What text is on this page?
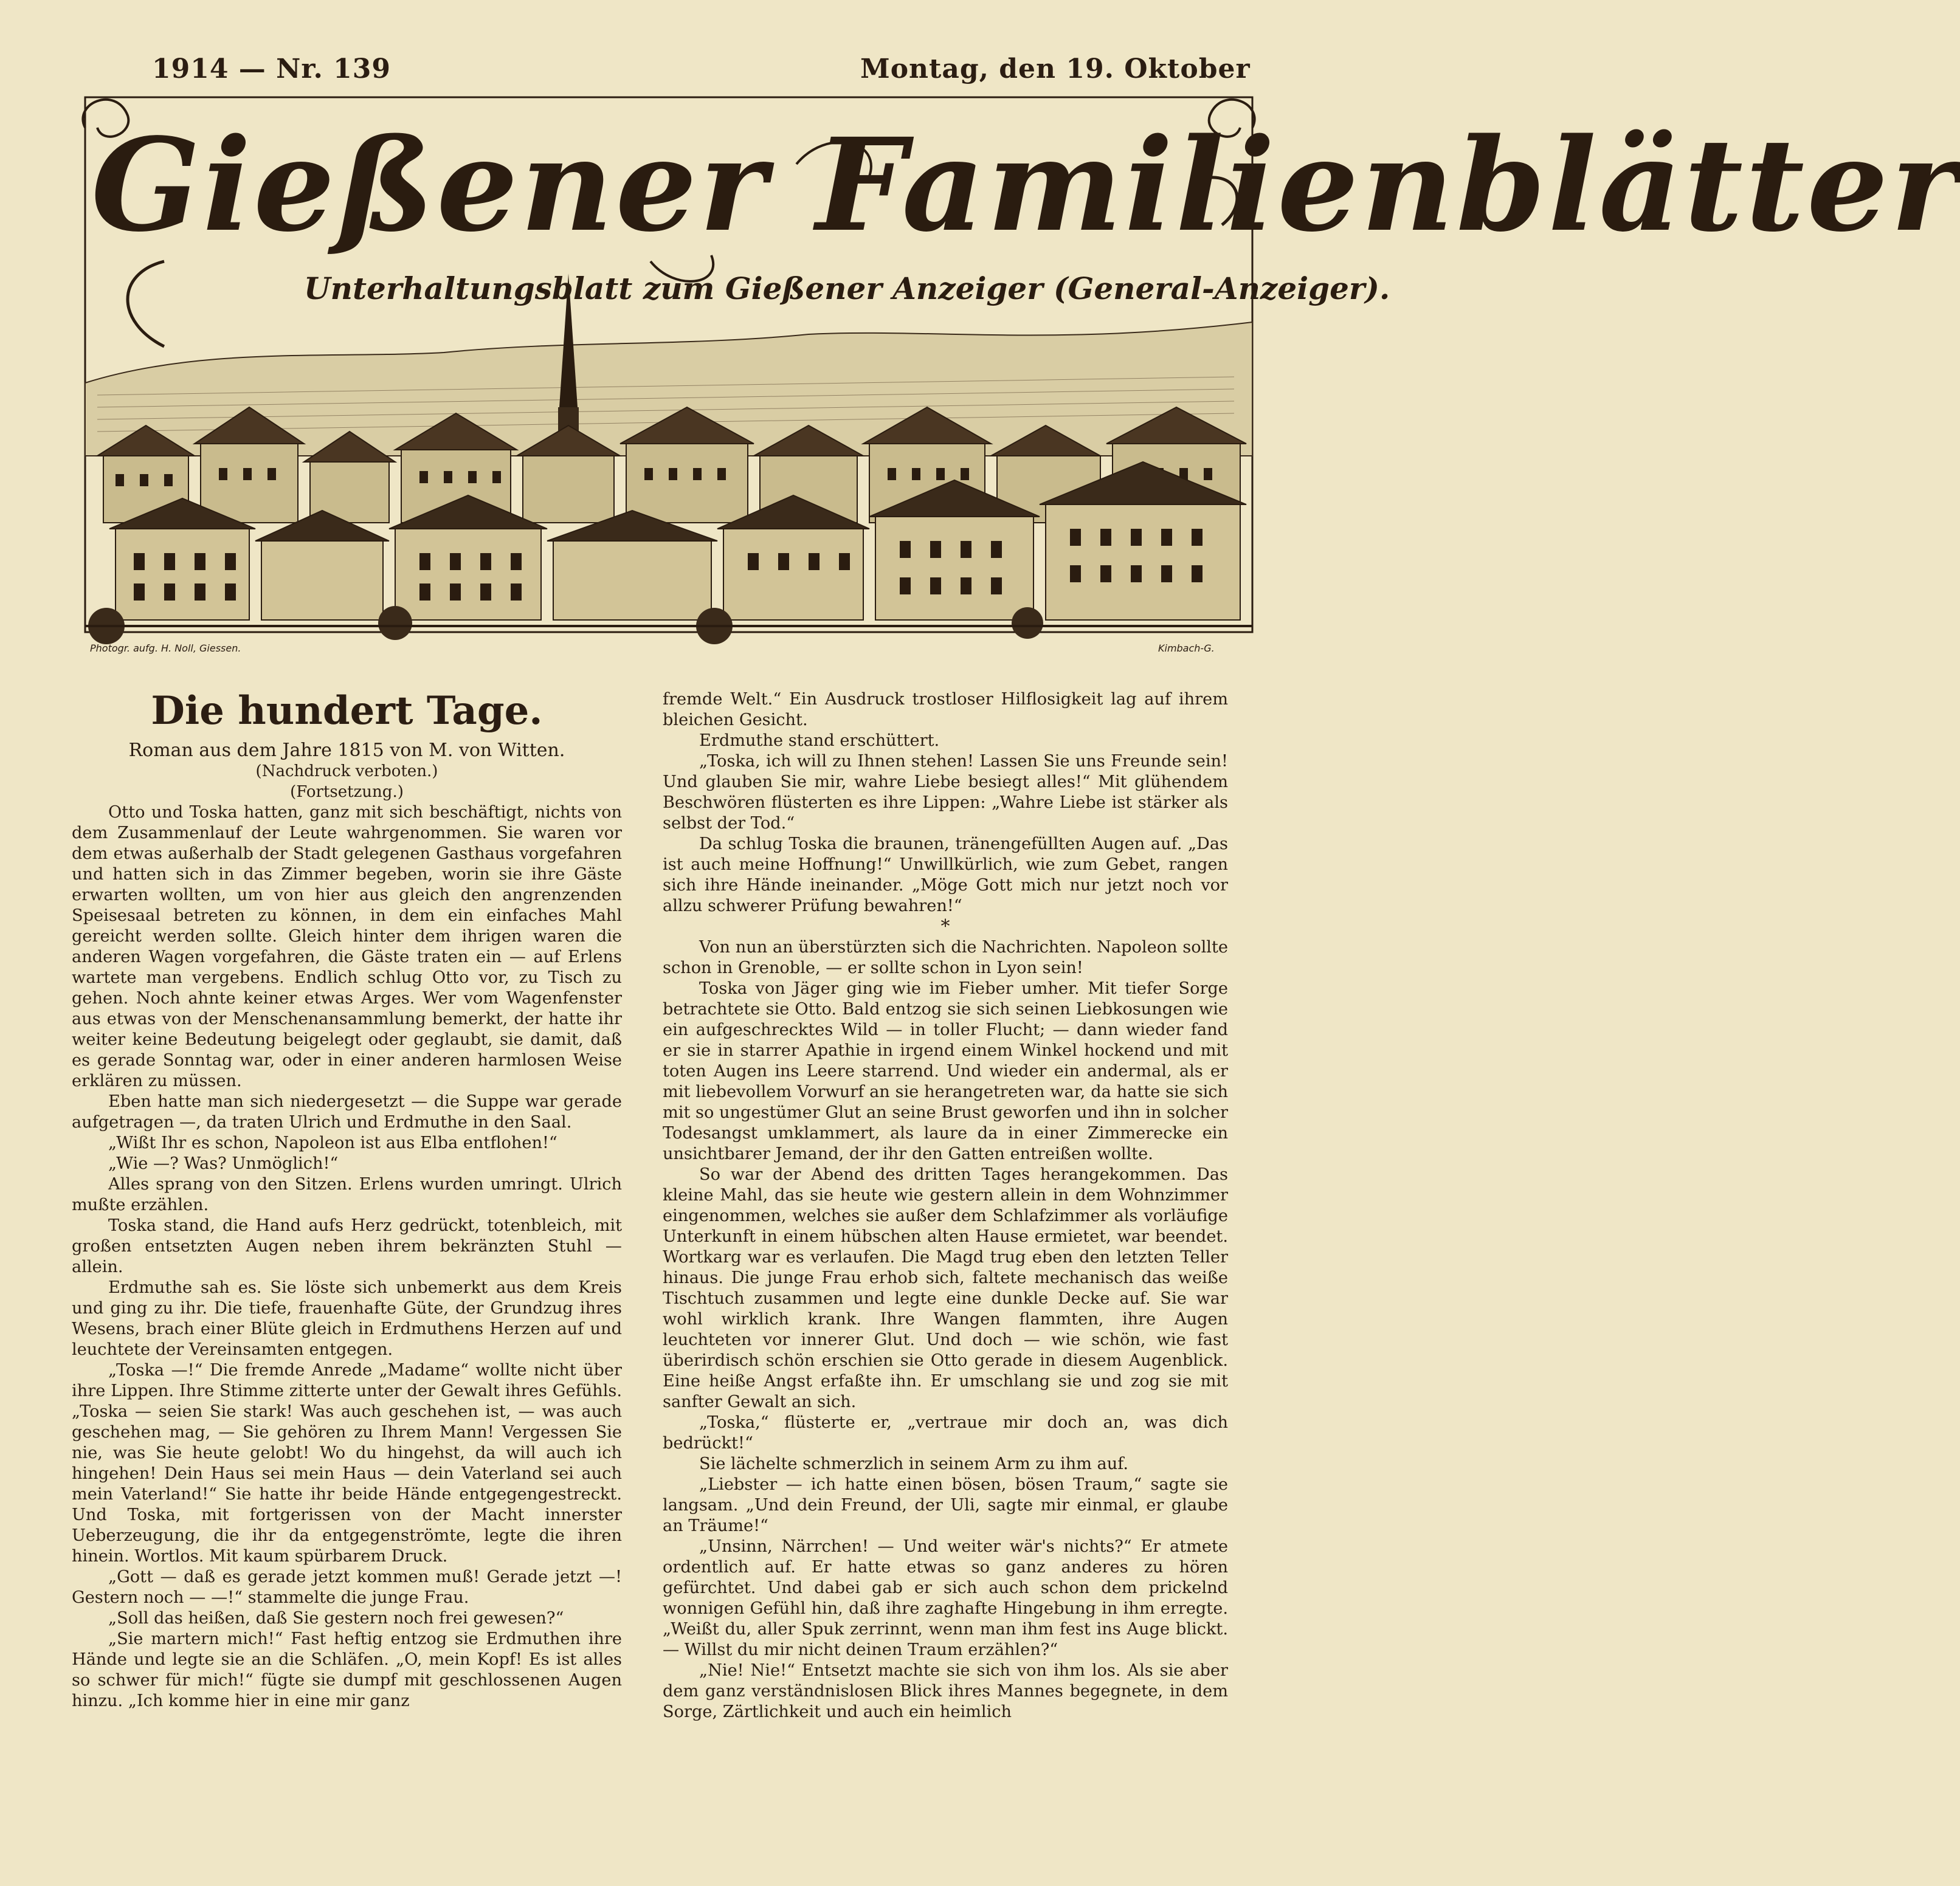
1914 — Nr. 139	Montag, den 19. Oktober
Gießener Familienblätter
Unterhaltungsblatt zum Gießener Anzeiger (General-Anzeiger).
Photogr. aufg. H. Noll, Giessen.	Kimbach-G.
Die hundert Tage.
Roman aus dem Jahre 1815 von M. von Witten.
(Nachdruck verboten.)
(Fortsetzung.)

Otto und Toska hatten, ganz mit sich beschäftigt, nichts von dem Zusammenlauf der Leute wahrgenommen. Sie waren vor dem etwas außerhalb der Stadt gelegenen Gasthaus vorgefahren und hatten sich in das Zimmer begeben, worin sie ihre Gäste erwarten wollten, um von hier aus gleich den angrenzenden Speisesaal betreten zu können, in dem ein einfaches Mahl gereicht werden sollte. Gleich hinter dem ihrigen waren die anderen Wagen vorgefahren, die Gäste traten ein — auf Erlens wartete man vergebens. Endlich schlug Otto vor, zu Tisch zu gehen. Noch ahnte keiner etwas Arges. Wer vom Wagenfenster aus etwas von der Menschenansammlung bemerkt, der hatte ihr weiter keine Bedeutung beigelegt oder geglaubt, sie damit, daß es gerade Sonntag war, oder in einer anderen harmlosen Weise erklären zu müssen.

Eben hatte man sich niedergesetzt — die Suppe war gerade aufgetragen —, da traten Ulrich und Erdmuthe in den Saal.

„Wißt Ihr es schon, Napoleon ist aus Elba entflohen!“

„Wie —? Was? Unmöglich!“

Alles sprang von den Sitzen. Erlens wurden umringt. Ulrich mußte erzählen.

Toska stand, die Hand aufs Herz gedrückt, totenbleich, mit großen entsetzten Augen neben ihrem bekränzten Stuhl — allein.

Erdmuthe sah es. Sie löste sich unbemerkt aus dem Kreis und ging zu ihr. Die tiefe, frauenhafte Güte, der Grundzug ihres Wesens, brach einer Blüte gleich in Erdmuthens Herzen auf und leuchtete der Vereinsamten entgegen.

„Toska —!“ Die fremde Anrede „Madame“ wollte nicht über ihre Lippen. Ihre Stimme zitterte unter der Gewalt ihres Gefühls. „Toska — seien Sie stark! Was auch geschehen ist, — was auch geschehen mag, — Sie gehören zu Ihrem Mann! Vergessen Sie nie, was Sie heute gelobt! Wo du hingehst, da will auch ich hingehen! Dein Haus sei mein Haus — dein Vaterland sei auch mein Vaterland!“ Sie hatte ihr beide Hände entgegengestreckt. Und Toska, mit fortgerissen von der Macht innerster Ueberzeugung, die ihr da entgegenströmte, legte die ihren hinein. Wortlos. Mit kaum spürbarem Druck.

„Gott — daß es gerade jetzt kommen muß! Gerade jetzt —! Gestern noch — —!“ stammelte die junge Frau.

„Soll das heißen, daß Sie gestern noch frei gewesen?“

„Sie martern mich!“ Fast heftig entzog sie Erdmuthen ihre Hände und legte sie an die Schläfen. „O, mein Kopf! Es ist alles so schwer für mich!“ fügte sie dumpf mit geschlossenen Augen hinzu. „Ich komme hier in eine mir ganz

fremde Welt.“ Ein Ausdruck trostloser Hilflosigkeit lag auf ihrem bleichen Gesicht.

Erdmuthe stand erschüttert.

„Toska, ich will zu Ihnen stehen! Lassen Sie uns Freunde sein! Und glauben Sie mir, wahre Liebe besiegt alles!“ Mit glühendem Beschwören flüsterten es ihre Lippen: „Wahre Liebe ist stärker als selbst der Tod.“

Da schlug Toska die braunen, tränengefüllten Augen auf. „Das ist auch meine Hoffnung!“ Unwillkürlich, wie zum Gebet, rangen sich ihre Hände ineinander. „Möge Gott mich nur jetzt noch vor allzu schwerer Prüfung bewahren!“

*

Von nun an überstürzten sich die Nachrichten. Napoleon sollte schon in Grenoble, — er sollte schon in Lyon sein!

Toska von Jäger ging wie im Fieber umher. Mit tiefer Sorge betrachtete sie Otto. Bald entzog sie sich seinen Liebkosungen wie ein aufgeschrecktes Wild — in toller Flucht; — dann wieder fand er sie in starrer Apathie in irgend einem Winkel hockend und mit toten Augen ins Leere starrend. Und wieder ein andermal, als er mit liebevollem Vorwurf an sie herangetreten war, da hatte sie sich mit so ungestümer Glut an seine Brust geworfen und ihn in solcher Todesangst umklammert, als laure da in einer Zimmerecke ein unsichtbarer Jemand, der ihr den Gatten entreißen wollte.

So war der Abend des dritten Tages herangekommen. Das kleine Mahl, das sie heute wie gestern allein in dem Wohnzimmer eingenommen, welches sie außer dem Schlafzimmer als vorläufige Unterkunft in einem hübschen alten Hause ermietet, war beendet. Wortkarg war es verlaufen. Die Magd trug eben den letzten Teller hinaus. Die junge Frau erhob sich, faltete mechanisch das weiße Tischtuch zusammen und legte eine dunkle Decke auf. Sie war wohl wirklich krank. Ihre Wangen flammten, ihre Augen leuchteten vor innerer Glut. Und doch — wie schön, wie fast überirdisch schön erschien sie Otto gerade in diesem Augenblick. Eine heiße Angst erfaßte ihn. Er umschlang sie und zog sie mit sanfter Gewalt an sich.

„Toska,“ flüsterte er, „vertraue mir doch an, was dich bedrückt!“

Sie lächelte schmerzlich in seinem Arm zu ihm auf.

„Liebster — ich hatte einen bösen, bösen Traum,“ sagte sie langsam. „Und dein Freund, der Uli, sagte mir einmal, er glaube an Träume!“

„Unsinn, Närrchen! — Und weiter wär's nichts?“ Er atmete ordentlich auf. Er hatte etwas so ganz anderes zu hören gefürchtet. Und dabei gab er sich auch schon dem prickelnd wonnigen Gefühl hin, daß ihre zaghafte Hingebung in ihm erregte. „Weißt du, aller Spuk zerrinnt, wenn man ihm fest ins Auge blickt. — Willst du mir nicht deinen Traum erzählen?“

„Nie! Nie!“ Entsetzt machte sie sich von ihm los. Als sie aber dem ganz verständnislosen Blick ihres Mannes begegnete, in dem Sorge, Zärtlichkeit und auch ein heimlich
